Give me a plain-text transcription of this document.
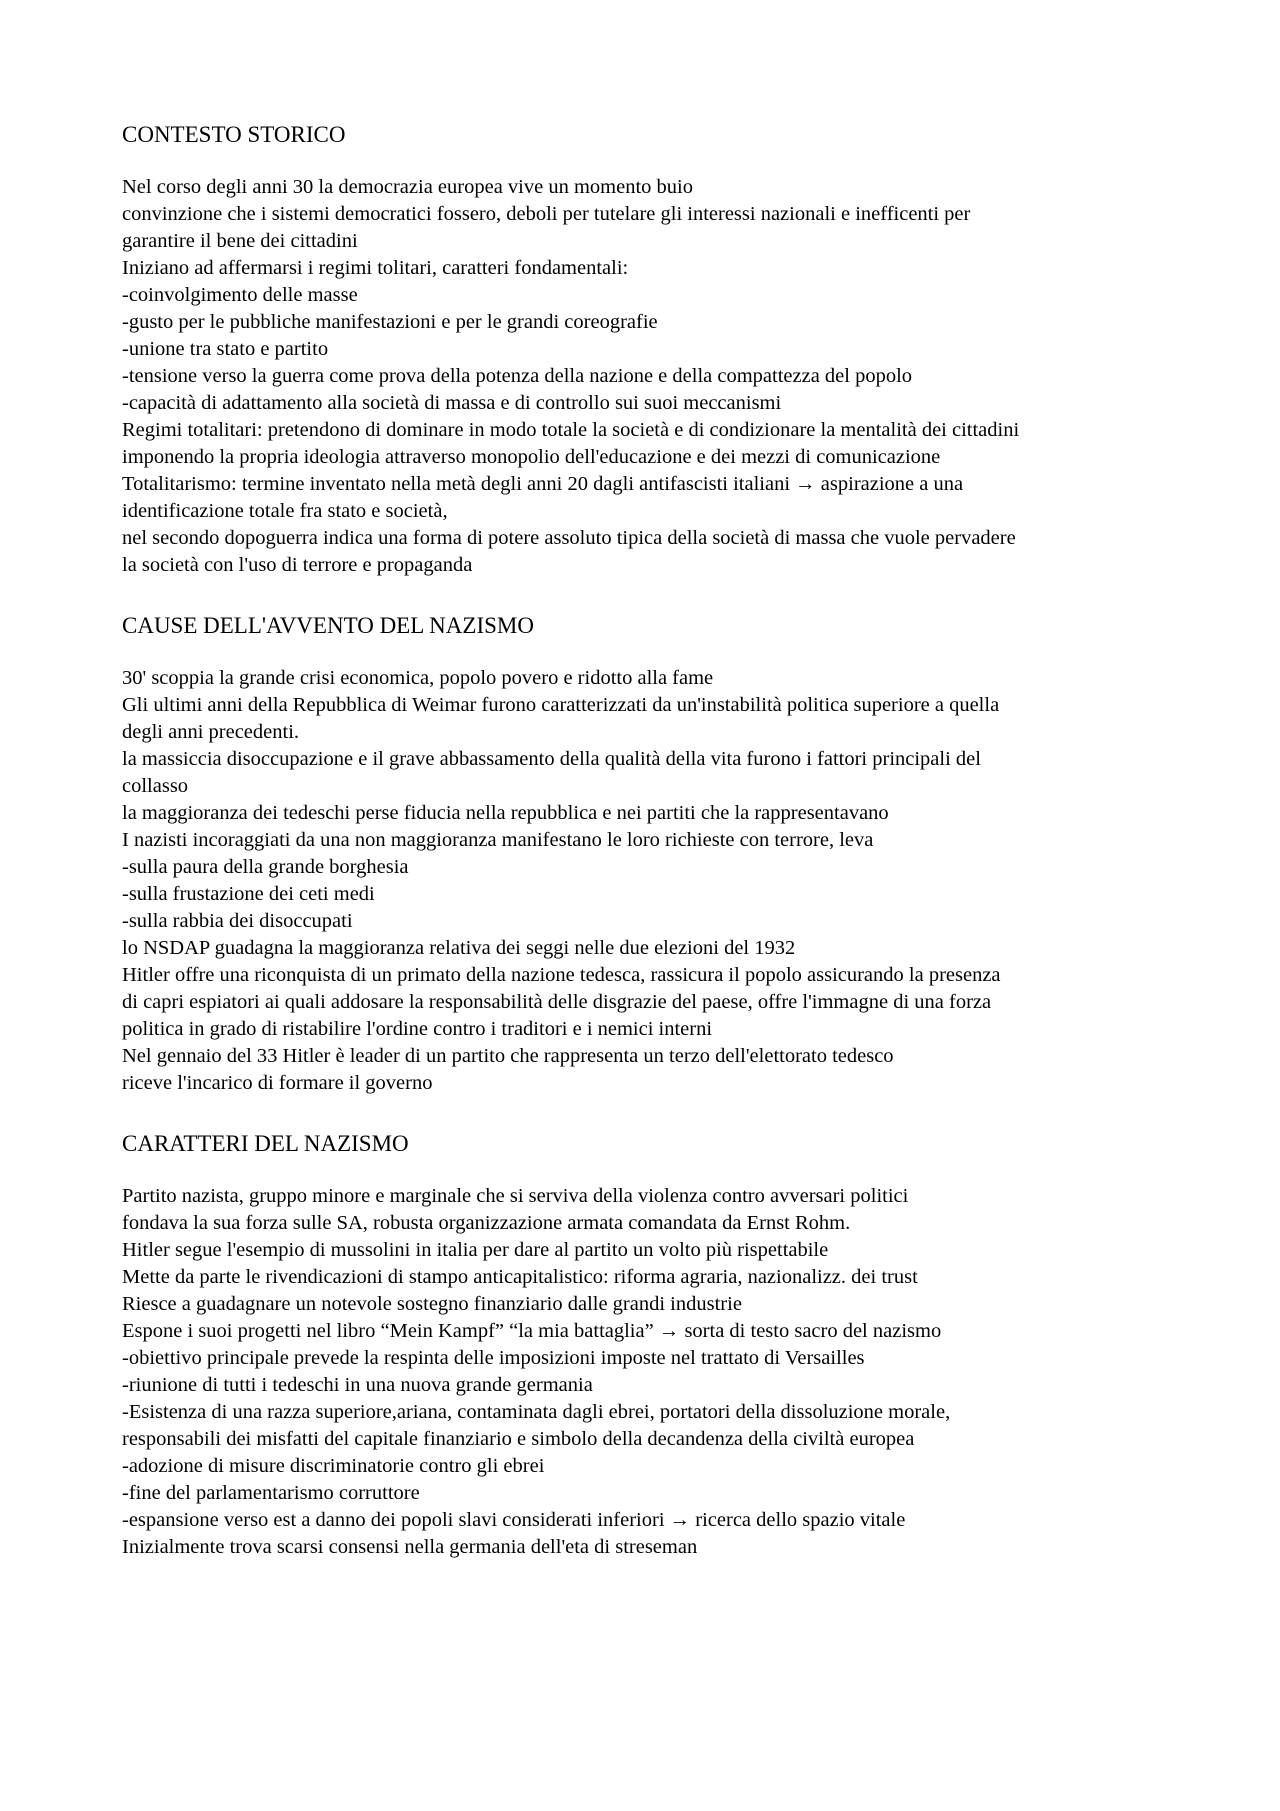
CONTESTO STORICO
Nel corso degli anni 30 la democrazia europea vive un momento buio
convinzione che i sistemi democratici fossero, deboli per tutelare gli interessi nazionali e inefficenti per
garantire il bene dei cittadini
Iniziano ad affermarsi i regimi tolitari, caratteri fondamentali:
-coinvolgimento delle masse
-gusto per le pubbliche manifestazioni e per le grandi coreografie
-unione tra stato e partito
-tensione verso la guerra come prova della potenza della nazione e della compattezza del popolo
-capacità di adattamento alla società di massa e di controllo sui suoi meccanismi
Regimi totalitari: pretendono di dominare in modo totale la società e di condizionare la mentalità dei cittadini
imponendo la propria ideologia attraverso monopolio dell'educazione e dei mezzi di comunicazione
Totalitarismo: termine inventato nella metà degli anni 20 dagli antifascisti italiani → aspirazione a una
identificazione totale fra stato e società,
nel secondo dopoguerra indica una forma di potere assoluto tipica della società di massa che vuole pervadere
la società con l'uso di terrore e propaganda
CAUSE DELL'AVVENTO DEL NAZISMO
30' scoppia la grande crisi economica, popolo povero e ridotto alla fame
Gli ultimi anni della Repubblica di Weimar furono caratterizzati da un'instabilità politica superiore a quella
degli anni precedenti.
la massiccia disoccupazione e il grave abbassamento della qualità della vita furono i fattori principali del
collasso
la maggioranza dei tedeschi perse fiducia nella repubblica e nei partiti che la rappresentavano
I nazisti incoraggiati da una non maggioranza manifestano le loro richieste con terrore, leva
-sulla paura della grande borghesia
-sulla frustazione dei ceti medi
-sulla rabbia dei disoccupati
lo NSDAP guadagna la maggioranza relativa dei seggi nelle due elezioni del 1932
Hitler offre una riconquista di un primato della nazione tedesca, rassicura il popolo assicurando la presenza
di capri espiatori ai quali addosare la responsabilità delle disgrazie del paese, offre l'immagne di una forza
politica in grado di ristabilire l'ordine contro i traditori e i nemici interni
Nel gennaio del 33 Hitler è leader di un partito che rappresenta un terzo dell'elettorato tedesco
riceve l'incarico di formare il governo
CARATTERI DEL NAZISMO
Partito nazista, gruppo minore e marginale che si serviva della violenza contro avversari politici
fondava la sua forza sulle SA, robusta organizzazione armata comandata da Ernst Rohm.
Hitler segue l'esempio di mussolini in italia per dare al partito un volto più rispettabile
Mette da parte le rivendicazioni di stampo anticapitalistico: riforma agraria, nazionalizz. dei trust
Riesce a guadagnare un notevole sostegno finanziario dalle grandi industrie
Espone i suoi progetti nel libro “Mein Kampf” “la mia battaglia” → sorta di testo sacro del nazismo
-obiettivo principale prevede la respinta delle imposizioni imposte nel trattato di Versailles
-riunione di tutti i tedeschi in una nuova grande germania
-Esistenza di una razza superiore,ariana, contaminata dagli ebrei, portatori della dissoluzione morale,
responsabili dei misfatti del capitale finanziario e simbolo della decandenza della civiltà europea
-adozione di misure discriminatorie contro gli ebrei
-fine del parlamentarismo corruttore
-espansione verso est a danno dei popoli slavi considerati inferiori → ricerca dello spazio vitale
Inizialmente trova scarsi consensi nella germania dell'eta di streseman
